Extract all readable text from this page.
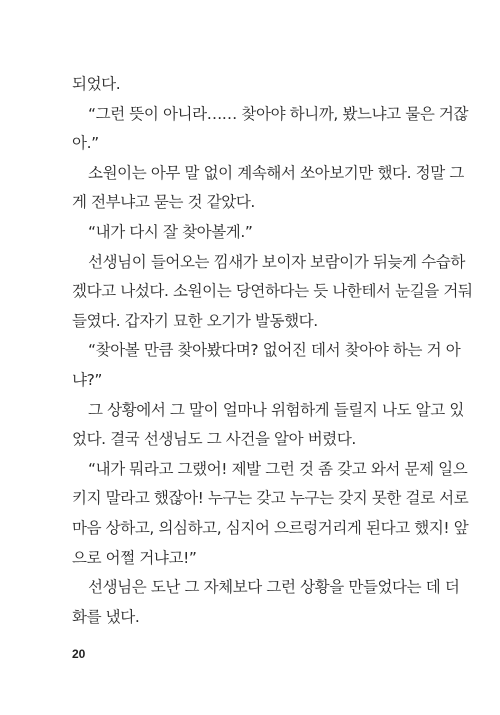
되었다.
“그런 뜻이 아니라…… 찾아야 하니까, 봤느냐고 물은 거잖
아.”
소원이는 아무 말 없이 계속해서 쏘아보기만 했다. 정말 그
게 전부냐고 묻는 것 같았다.
“내가 다시 잘 찾아볼게.”
선생님이 들어오는 낌새가 보이자 보람이가 뒤늦게 수습하
겠다고 나섰다. 소원이는 당연하다는 듯 나한테서 눈길을 거둬
들였다. 갑자기 묘한 오기가 발동했다.
“찾아볼 만큼 찾아봤다며? 없어진 데서 찾아야 하는 거 아
냐?”
그 상황에서 그 말이 얼마나 위험하게 들릴지 나도 알고 있
었다. 결국 선생님도 그 사건을 알아 버렸다.
“내가 뭐라고 그랬어! 제발 그런 것 좀 갖고 와서 문제 일으
키지 말라고 했잖아! 누구는 갖고 누구는 갖지 못한 걸로 서로
마음 상하고, 의심하고, 심지어 으르렁거리게 된다고 했지! 앞
으로 어쩔 거냐고!”
선생님은 도난 그 자체보다 그런 상황을 만들었다는 데 더
화를 냈다.
20
